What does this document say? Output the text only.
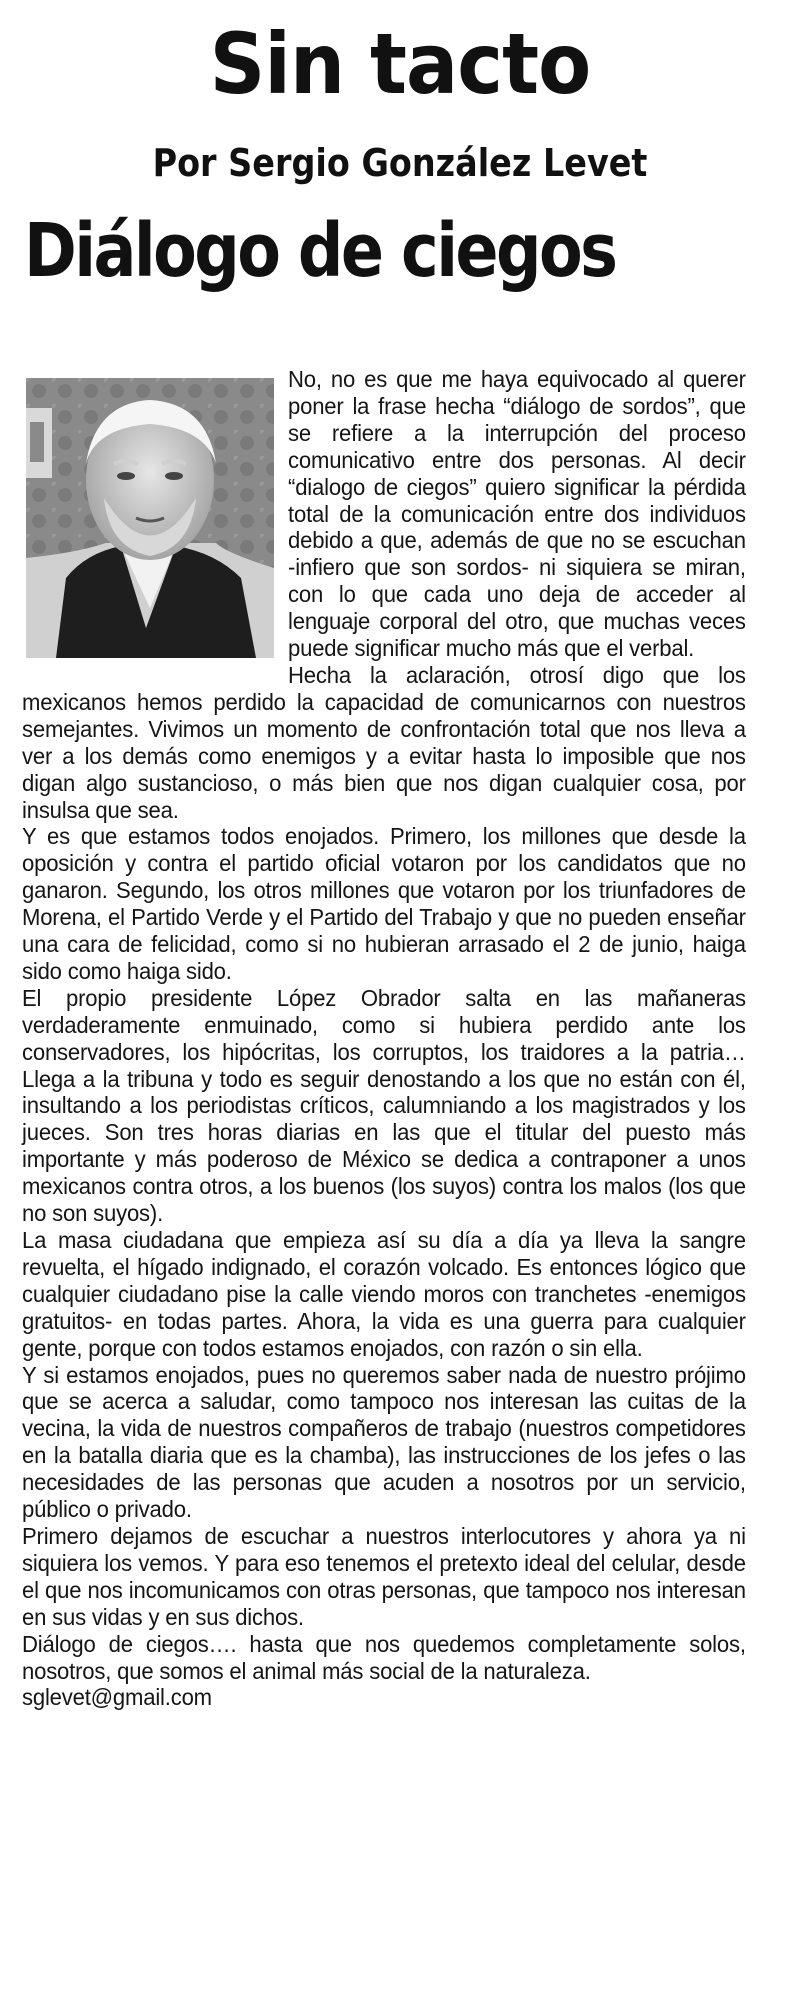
Sin tacto
Por Sergio González Levet
Diálogo de ciegos

No, no es que me haya equivocado al querer poner la frase hecha “diálogo de sordos”, que se refiere a la interrupción del proceso comunicativo entre dos personas. Al decir “dialogo de ciegos” quiero significar la pérdida total de la comunicación entre dos individuos debido a que, además de que no se escuchan -infiero que son sordos- ni siquiera se miran, con lo que cada uno deja de acceder al lenguaje corporal del otro, que muchas veces puede significar mucho más que el verbal.

Hecha la aclaración, otrosí digo que los mexicanos hemos perdido la capacidad de comunicarnos con nuestros semejantes. Vivimos un momento de confrontación total que nos lleva a ver a los demás como enemigos y a evitar hasta lo imposible que nos digan algo sustancioso, o más bien que nos digan cualquier cosa, por insulsa que sea.

Y es que estamos todos enojados. Primero, los millones que desde la oposición y contra el partido oficial votaron por los candidatos que no ganaron. Segundo, los otros millones que votaron por los triunfadores de Morena, el Partido Verde y el Partido del Trabajo y que no pueden enseñar una cara de felicidad, como si no hubieran arrasado el 2 de junio, haiga sido como haiga sido.

El propio presidente López Obrador salta en las mañaneras verdaderamente enmuinado, como si hubiera perdido ante los conservadores, los hipócritas, los corruptos, los traidores a la patria… Llega a la tribuna y todo es seguir denostando a los que no están con él, insultando a los periodistas críticos, calumniando a los magistrados y los jueces. Son tres horas diarias en las que el titular del puesto más importante y más poderoso de México se dedica a contraponer a unos mexicanos contra otros, a los buenos (los suyos) contra los malos (los que no son suyos).

La masa ciudadana que empieza así su día a día ya lleva la sangre revuelta, el hígado indignado, el corazón volcado. Es entonces lógico que cualquier ciudadano pise la calle viendo moros con tranchetes -enemigos gratuitos- en todas partes. Ahora, la vida es una guerra para cualquier gente, porque con todos estamos enojados, con razón o sin ella.

Y si estamos enojados, pues no queremos saber nada de nuestro prójimo que se acerca a saludar, como tampoco nos interesan las cuitas de la vecina, la vida de nuestros compañeros de trabajo (nuestros competidores en la batalla diaria que es la chamba), las instrucciones de los jefes o las necesidades de las personas que acuden a nosotros por un servicio, público o privado.

Primero dejamos de escuchar a nuestros interlocutores y ahora ya ni siquiera los vemos. Y para eso tenemos el pretexto ideal del celular, desde el que nos incomunicamos con otras personas, que tampoco nos interesan en sus vidas y en sus dichos.

Diálogo de ciegos…. hasta que nos quedemos completamente solos, nosotros, que somos el animal más social de la naturaleza.

sglevet@gmail.com
